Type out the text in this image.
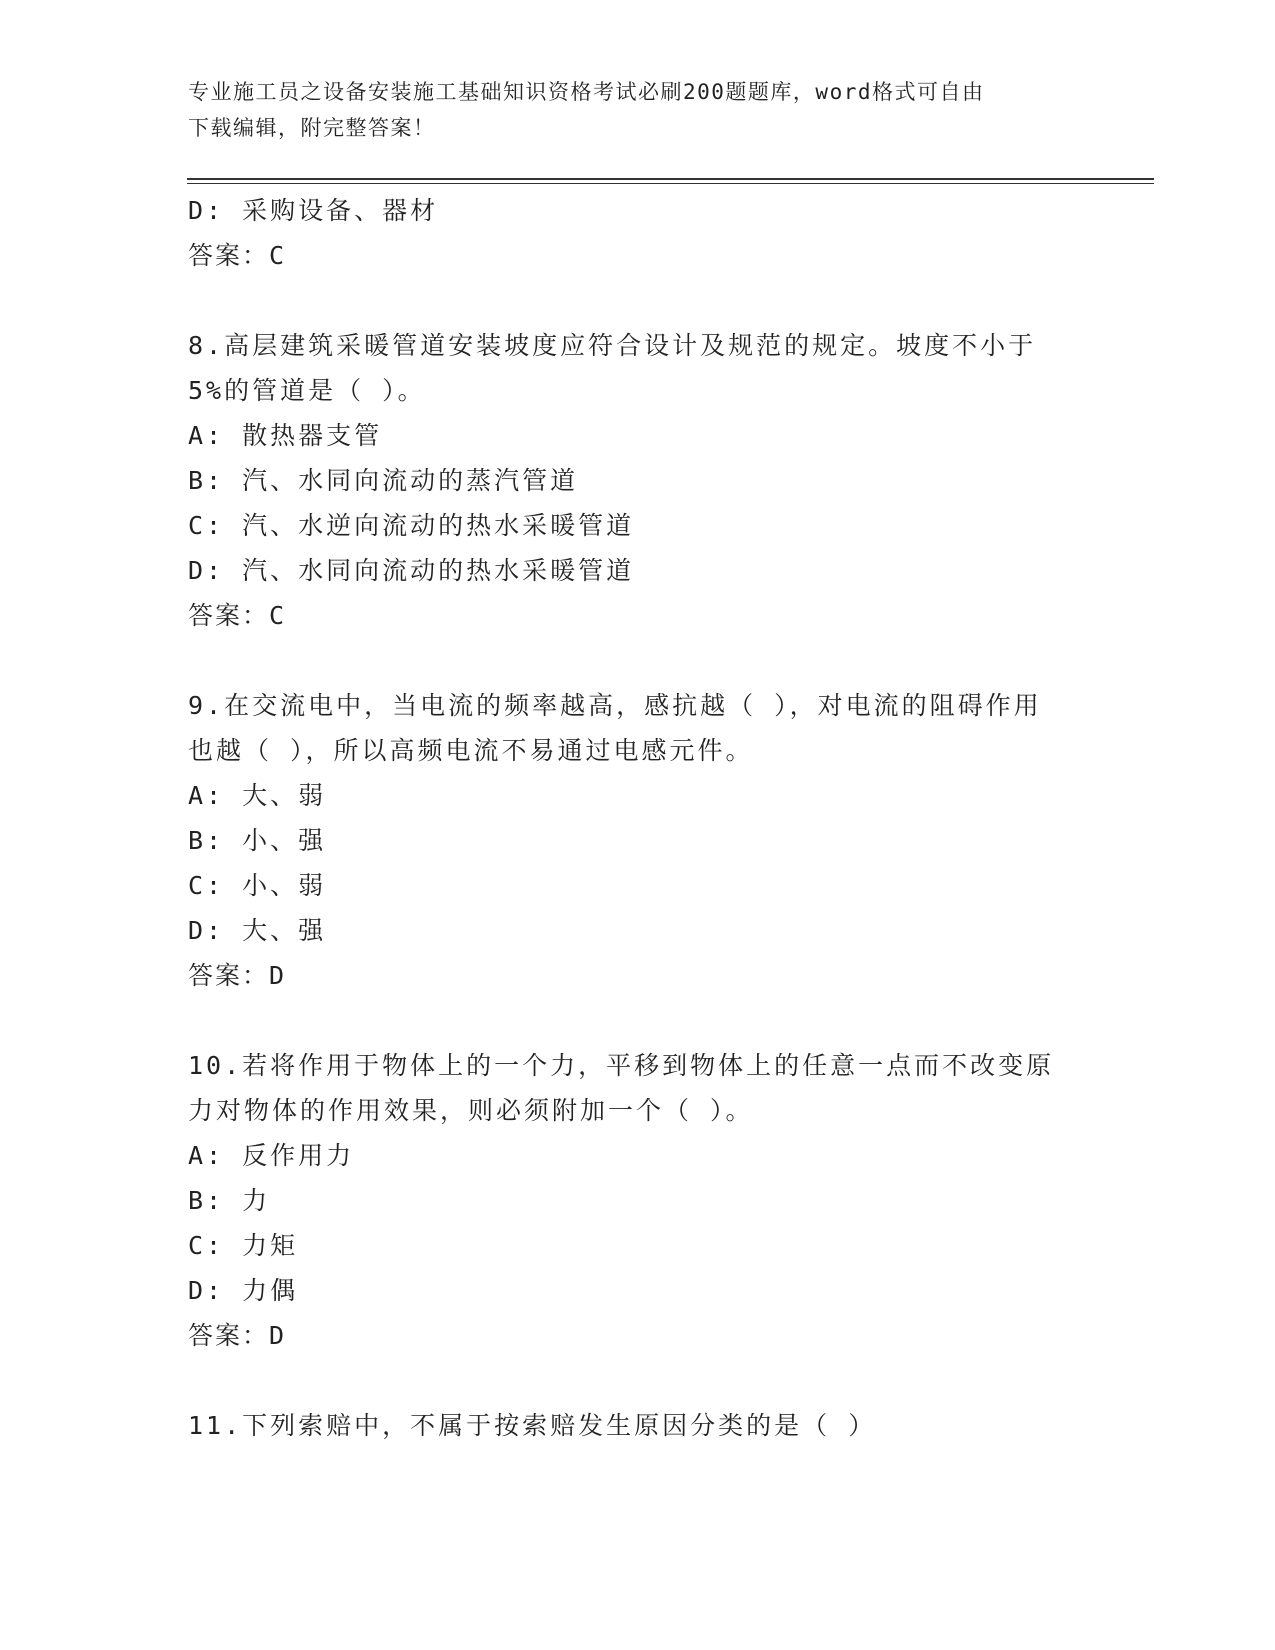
专业施工员之设备安装施工基础知识资格考试必刷200题题库，word格式可自由
下载编辑，附完整答案！
D: 采购设备、器材
答案：C
8.高层建筑采暖管道安装坡度应符合设计及规范的规定。坡度不小于
5%的管道是（ ）。
A: 散热器支管
B: 汽、水同向流动的蒸汽管道
C: 汽、水逆向流动的热水采暖管道
D: 汽、水同向流动的热水采暖管道
答案：C
9.在交流电中，当电流的频率越高，感抗越（ ），对电流的阻碍作用
也越（ ），所以高频电流不易通过电感元件。
A: 大、弱
B: 小、强
C: 小、弱
D: 大、强
答案：D
10.若将作用于物体上的一个力，平移到物体上的任意一点而不改变原
力对物体的作用效果，则必须附加一个（ ）。
A: 反作用力
B: 力
C: 力矩
D: 力偶
答案：D
11.下列索赔中，不属于按索赔发生原因分类的是（ ）
